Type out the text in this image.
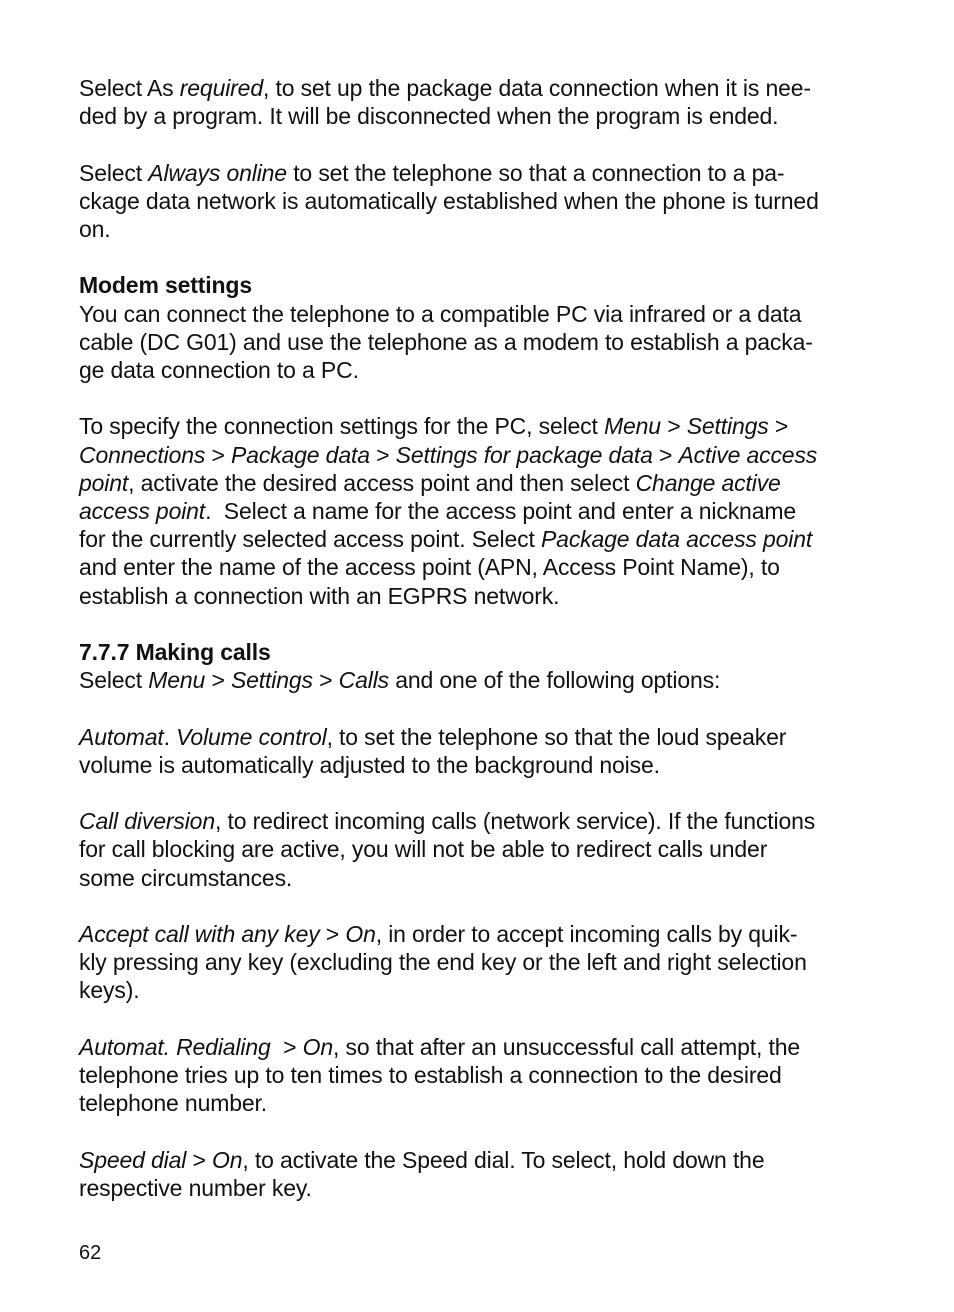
Select As required, to set up the package data connection when it is nee-
ded by a program. It will be disconnected when the program is ended.

Select Always online to set the telephone so that a connection to a pa-
ckage data network is automatically established when the phone is turned
on.

Modem settings
You can connect the telephone to a compatible PC via infrared or a data
cable (DC G01) and use the telephone as a modem to establish a packa-
ge data connection to a PC.

To specify the connection settings for the PC, select Menu > Settings >
Connections > Package data > Settings for package data > Active access
point, activate the desired access point and then select Change active
access point.  Select a name for the access point and enter a nickname
for the currently selected access point. Select Package data access point
and enter the name of the access point (APN, Access Point Name), to
establish a connection with an EGPRS network.

7.7.7 Making calls
Select Menu > Settings > Calls and one of the following options:

Automat. Volume control, to set the telephone so that the loud speaker
volume is automatically adjusted to the background noise.

Call diversion, to redirect incoming calls (network service). If the functions
for call blocking are active, you will not be able to redirect calls under
some circumstances.

Accept call with any key > On, in order to accept incoming calls by quik-
kly pressing any key (excluding the end key or the left and right selection
keys).

Automat. Redialing  > On, so that after an unsuccessful call attempt, the
telephone tries up to ten times to establish a connection to the desired
telephone number.

Speed dial > On, to activate the Speed dial. To select, hold down the
respective number key.

62
